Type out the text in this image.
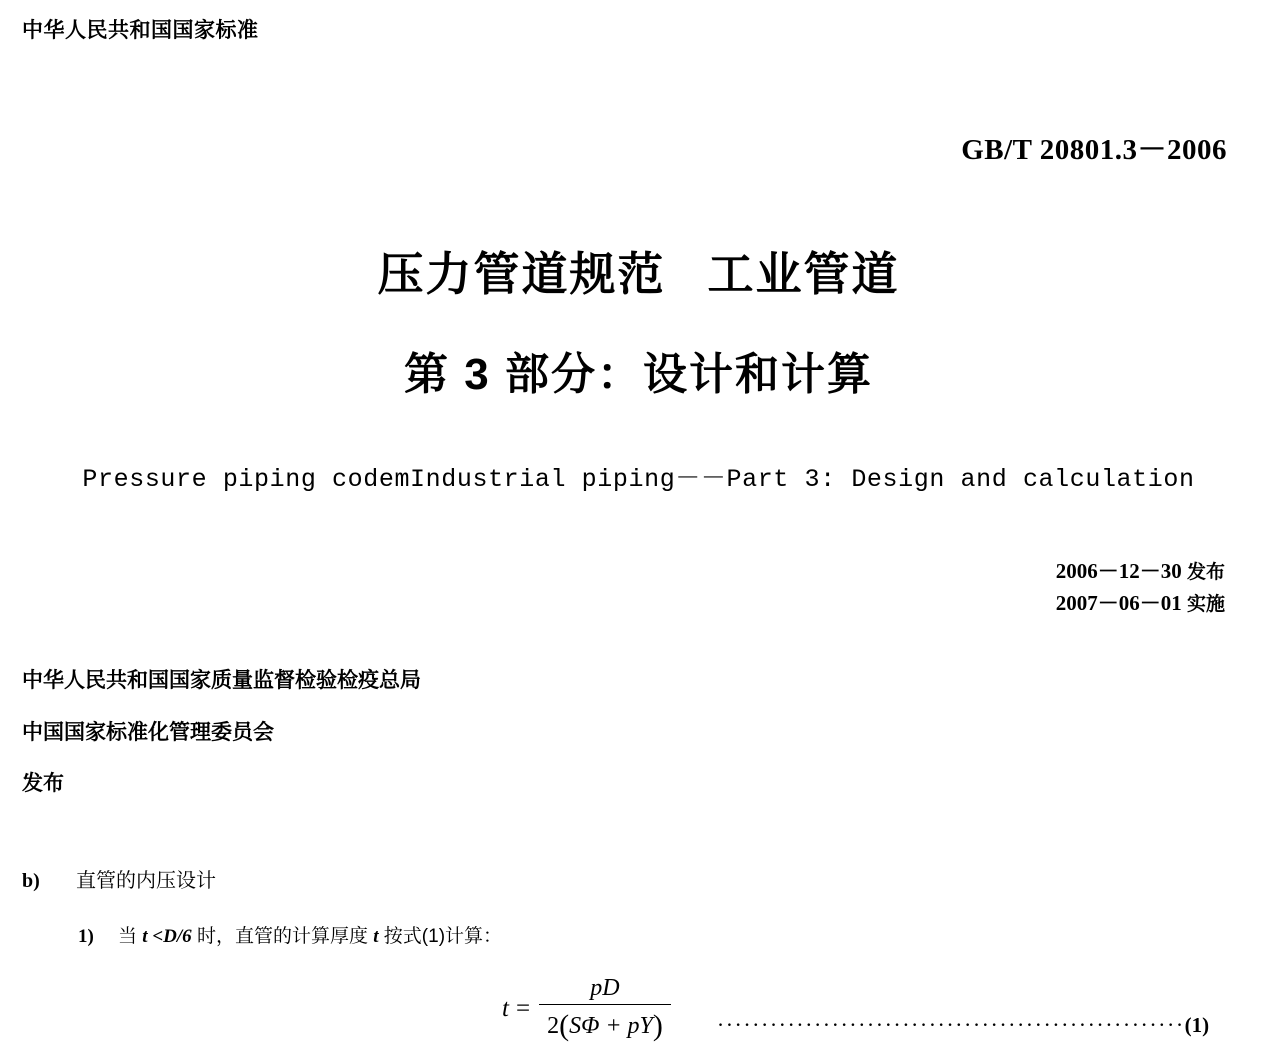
中华人民共和国国家标准
GB/T 20801.3－2006
压力管道规范 工业管道
第 3 部分：设计和计算
Pressure piping codemIndustrial piping－－Part 3: Design and calculation
2006－12－30 发布
2007－06－01 实施
中华人民共和国国家质量监督检验检疫总局
中国国家标准化管理委员会
发布
b) 直管的内压设计
1) 当 t <D/6 时，直管的计算厚度 t 按式(1)计算：
$t = \frac{pD}{2(S\Phi + pY)} \cdot\cdot\cdot\cdot\cdot\cdot\cdot\cdot\cdot\cdot\cdot\cdot\cdot\cdot\cdot\cdot\cdot\cdot\cdot\cdot\cdot\cdot\cdot\cdot\cdot\cdot\cdot\cdot\cdot\cdot\cdot\cdot\cdot\cdot\cdot\cdot\cdot\cdot\cdot\cdot\cdot\cdot\cdot\cdot\cdot\cdot\cdot\cdot\cdot\cdot\cdot\cdot\cdot(1)$
